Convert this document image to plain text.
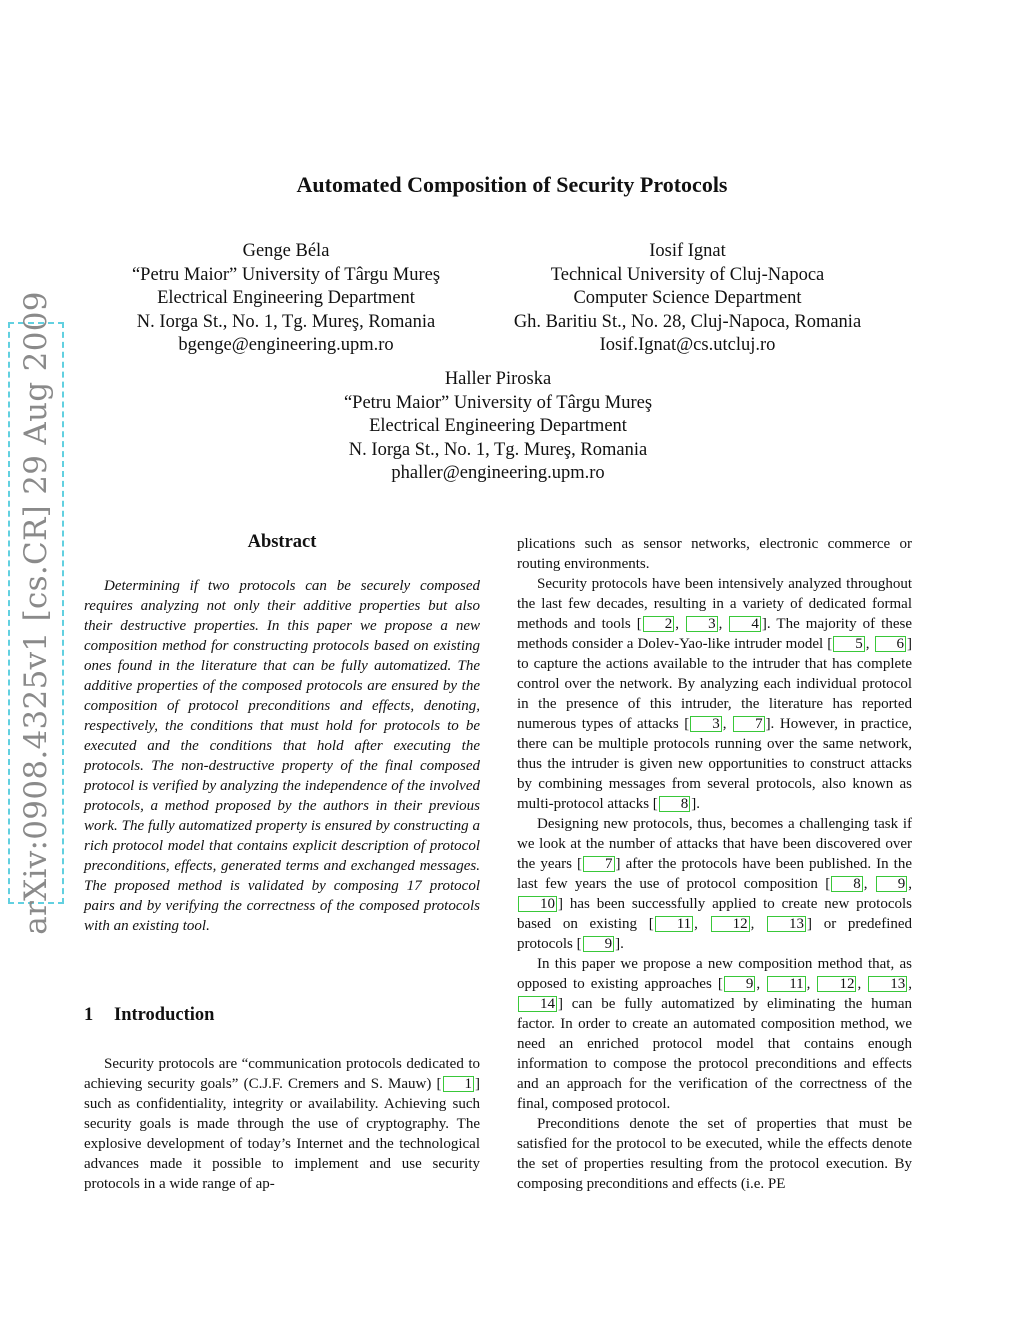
Automated Composition of Security Protocols
Genge Béla
“Petru Maior” University of Târgu Mureş
Electrical Engineering Department
N. Iorga St., No. 1, Tg. Mureş, Romania
bgenge@engineering.upm.ro
Iosif Ignat
Technical University of Cluj-Napoca
Computer Science Department
Gh. Baritiu St., No. 28, Cluj-Napoca, Romania
Iosif.Ignat@cs.utcluj.ro
Haller Piroska
“Petru Maior” University of Târgu Mureş
Electrical Engineering Department
N. Iorga St., No. 1, Tg. Mureş, Romania
phaller@engineering.upm.ro
arXiv:0908.4325v1 [cs.CR] 29 Aug 2009	Abstract

Determining if two protocols can be securely composed requires analyzing not only their additive properties but also their destructive properties. In this paper we propose a new composition method for constructing protocols based on existing ones found in the literature that can be fully automatized. The additive properties of the composed protocols are ensured by the composition of protocol preconditions and effects, denoting, respectively, the conditions that must hold for protocols to be executed and the conditions that hold after executing the protocols. The non-destructive property of the final composed protocol is verified by analyzing the independence of the involved protocols, a method proposed by the authors in their previous work. The fully automatized property is ensured by constructing a rich protocol model that contains explicit description of protocol preconditions, effects, generated terms and exchanged messages. The proposed method is validated by composing 17 protocol pairs and by verifying the correctness of the composed protocols with an existing tool.

1 Introduction

Security protocols are “communication protocols dedicated to achieving security goals” (C.J.F. Cremers and S. Mauw) [ 1 ] such as confidentiality, integrity or availability. Achieving such security goals is made through the use of cryptography. The explosive development of today’s Internet and the technological advances made it possible to implement and use security protocols in a wide range of ap-

plications such as sensor networks, electronic commerce or routing environments.

Security protocols have been intensively analyzed throughout the last few decades, resulting in a variety of dedicated formal methods and tools [ 2 , 3 , 4 ]. The majority of these methods consider a Dolev-Yao-like intruder model [ 5 , 6 ] to capture the actions available to the intruder that has complete control over the network. By analyzing each individual protocol in the presence of this intruder, the literature has reported numerous types of attacks [ 3 , 7 ]. However, in practice, there can be multiple protocols running over the same network, thus the intruder is given new opportunities to construct attacks by combining messages from several protocols, also known as multi-protocol attacks [ 8 ].

Designing new protocols, thus, becomes a challenging task if we look at the number of attacks that have been discovered over the years [ 7 ] after the protocols have been published. In the last few years the use of protocol composition [ 8 , 9 , 10 ] has been successfully applied to create new protocols based on existing [ 11 , 12 , 13 ] or predefined protocols [ 9 ].

In this paper we propose a new composition method that, as opposed to existing approaches [ 9 , 11 , 12 , 13 , 14 ] can be fully automatized by eliminating the human factor. In order to create an automated composition method, we need an enriched protocol model that contains enough information to compose the protocol preconditions and effects and an approach for the verification of the correctness of the final, composed protocol.

Preconditions denote the set of properties that must be satisfied for the protocol to be executed, while the effects denote the set of properties resulting from the protocol execution. By composing preconditions and effects (i.e. PE
